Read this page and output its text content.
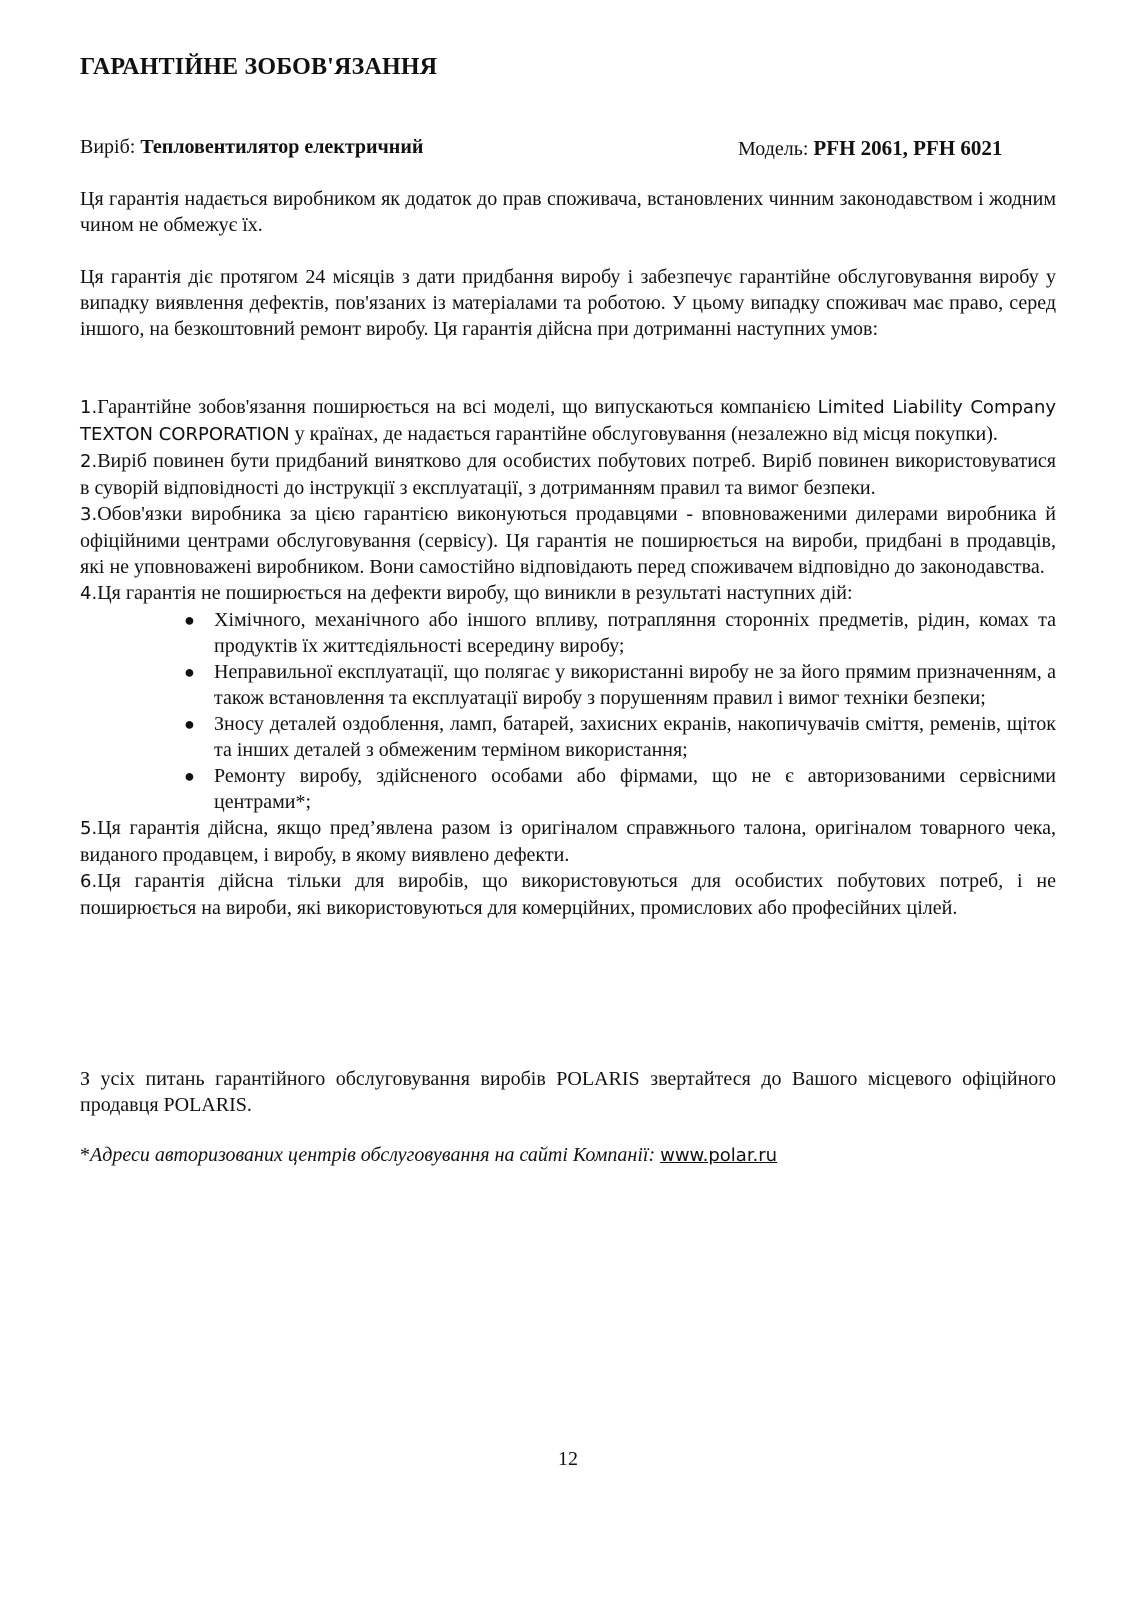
ГАРАНТІЙНЕ ЗОБОВ'ЯЗАННЯ
Виріб: Тепловентилятор електричний	Модель: PFH 2061, PFH 6021

Ця гарантія надається виробником як додаток до прав споживача, встановлених чинним законодавством і жодним чином не обмежує їх.

Ця гарантія діє протягом 24 місяців з дати придбання виробу і забезпечує гарантійне обслуговування виробу у випадку виявлення дефектів, пов'язаних із матеріалами та роботою. У цьому випадку споживач має право, серед іншого, на безкоштовний ремонт виробу. Ця гарантія дійсна при дотриманні наступних умов:

1.Гарантійне зобов'язання поширюється на всі моделі, що випускаються компанією Limited Liability Company TEXTON CORPORATION у країнах, де надається гарантійне обслуговування (незалежно від місця покупки).

2.Виріб повинен бути придбаний винятково для особистих побутових потреб. Виріб повинен використовуватися в суворій відповідності до інструкції з експлуатації, з дотриманням правил та вимог безпеки.

3.Обов'язки виробника за цією гарантією виконуються продавцями - вповноваженими дилерами виробника й офіційними центрами обслуговування (сервісу). Ця гарантія не поширюється на вироби, придбані в продавців, які не уповноважені виробником. Вони самостійно відповідають перед споживачем відповідно до законодавства.

4.Ця гарантія не поширюється на дефекти виробу, що виникли в результаті наступних дій:

● Хімічного, механічного або іншого впливу, потрапляння сторонніх предметів, рідин, комах та продуктів їх життєдіяльності всередину виробу;
● Неправильної експлуатації, що полягає у використанні виробу не за його прямим призначенням, а також встановлення та експлуатації виробу з порушенням правил і вимог техніки безпеки;
● Зносу деталей оздоблення, ламп, батарей, захисних екранів, накопичувачів сміття, ременів, щіток та інших деталей з обмеженим терміном використання;
● Ремонту виробу, здійсненого особами або фірмами, що не є авторизованими сервісними центрами*;

5.Ця гарантія дійсна, якщо пред’явлена разом із оригіналом справжнього талона, оригіналом товарного чека, виданого продавцем, і виробу, в якому виявлено дефекти.

6.Ця гарантія дійсна тільки для виробів, що використовуються для особистих побутових потреб, і не поширюється на вироби, які використовуються для комерційних, промислових або професійних цілей.

З усіх питань гарантійного обслуговування виробів POLARIS звертайтеся до Вашого місцевого офіційного продавця POLARIS.

*Адреси авторизованих центрів обслуговування на сайті Компанії: www.polar.ru
12
